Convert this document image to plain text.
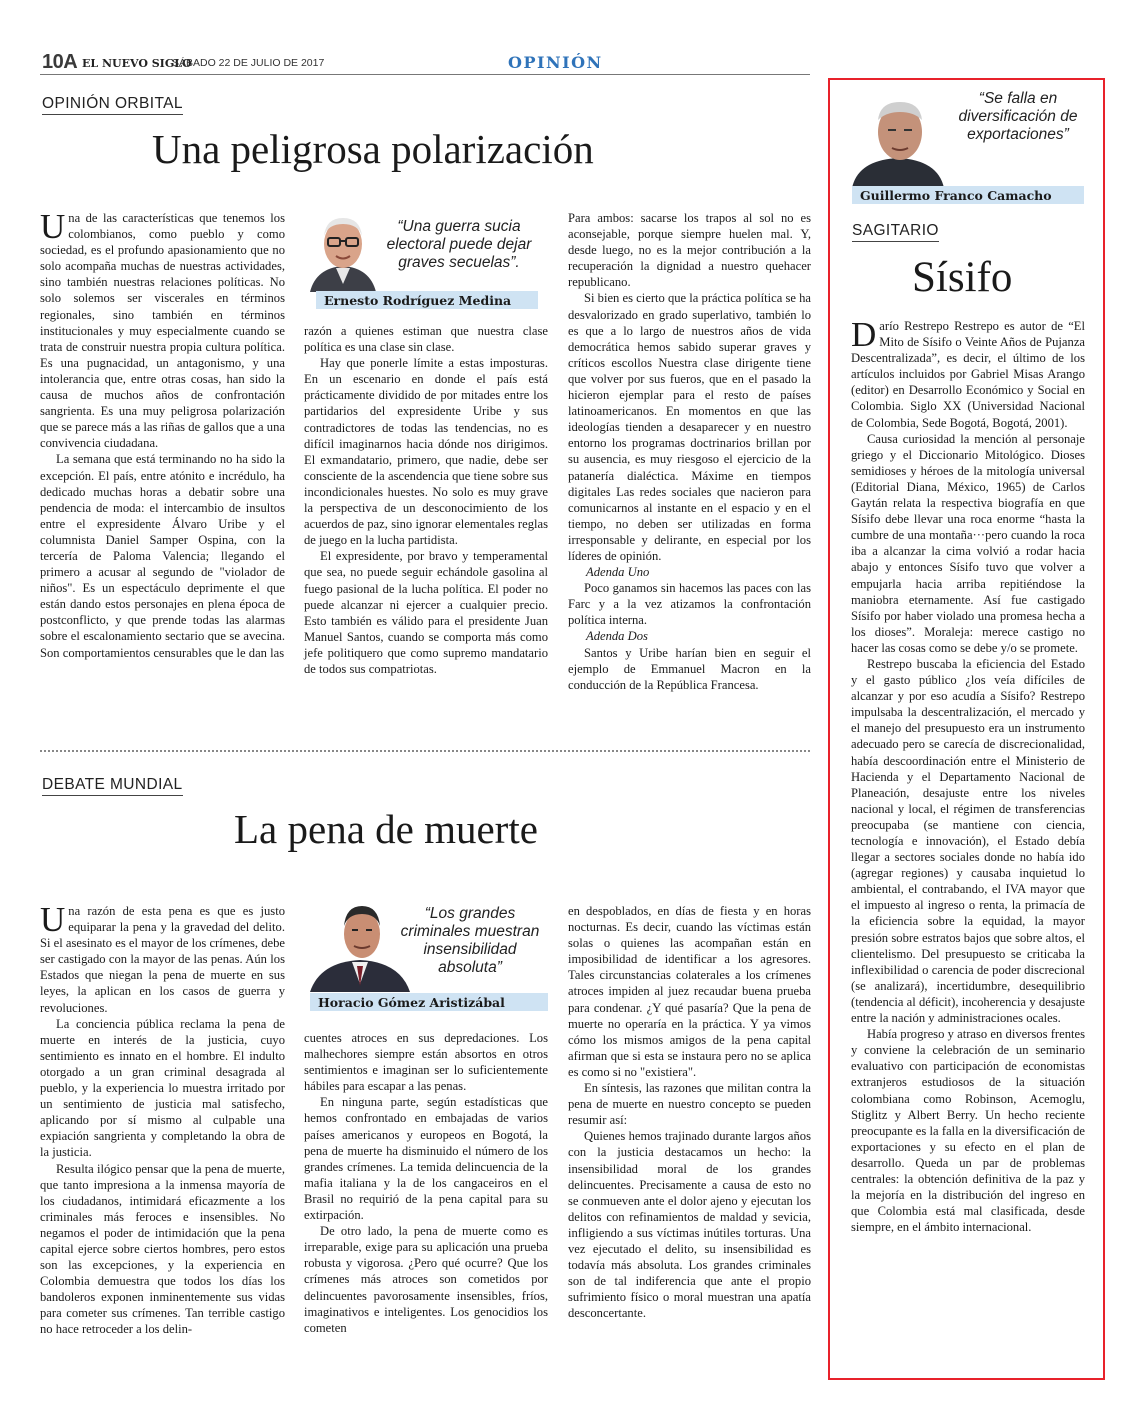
10A EL NUEVO SIGLO
SÁBADO 22 DE JULIO DE 2017	OPINIÓN
OPINIÓN ORBITAL
Una peligrosa polarización

Una de las características que tenemos los colombianos, como pueblo y como sociedad, es el profundo apasionamiento que no solo acompaña muchas de nuestras actividades, sino también nuestras relaciones políticas. No solo solemos ser viscerales en términos regionales, sino también en términos institucionales y muy especialmente cuando se trata de construir nuestra propia cultura política. Es una pugnacidad, un antagonismo, y una intolerancia que, entre otras cosas, han sido la causa de muchos años de confrontación sangrienta. Es una muy peligrosa polarización que se parece más a las riñas de gallos que a una convivencia ciudadana.

La semana que está terminando no ha sido la excepción. El país, entre atónito e incrédulo, ha dedicado muchas horas a debatir sobre una pendencia de moda: el intercambio de insultos entre el expresidente Álvaro Uribe y el columnista Daniel Samper Ospina, con la tercería de Paloma Valencia; llegando el primero a acusar al segundo de "violador de niños". Es un espectáculo deprimente el que están dando estos personajes en plena época de postconflicto, y que prende todas las alarmas sobre el escalonamiento sectario que se avecina. Son comportamientos censurables que le dan las

“Una guerra sucia electoral puede dejar graves secuelas”.
Ernesto Rodríguez Medina

razón a quienes estiman que nuestra clase política es una clase sin clase.

Hay que ponerle límite a estas imposturas. En un escenario en donde el país está prácticamente dividido de por mitades entre los partidarios del expresidente Uribe y sus contradictores de todas las tendencias, no es difícil imaginarnos hacia dónde nos dirigimos. El exmandatario, primero, que nadie, debe ser consciente de la ascendencia que tiene sobre sus incondicionales huestes. No solo es muy grave la perspectiva de un desconocimiento de los acuerdos de paz, sino ignorar elementales reglas de juego en la lucha partidista.

El expresidente, por bravo y temperamental que sea, no puede seguir echándole gasolina al fuego pasional de la lucha política. El poder no puede alcanzar ni ejercer a cualquier precio. Esto también es válido para el presidente Juan Manuel Santos, cuando se comporta más como jefe politiquero que como supremo mandatario de todos sus compatriotas.

Para ambos: sacarse los trapos al sol no es aconsejable, porque siempre huelen mal. Y, desde luego, no es la mejor contribución a la recuperación la dignidad a nuestro quehacer republicano.

Si bien es cierto que la práctica política se ha desvalorizado en grado superlativo, también lo es que a lo largo de nuestros años de vida democrática hemos sabido superar graves y críticos escollos Nuestra clase dirigente tiene que volver por sus fueros, que en el pasado la hicieron ejemplar para el resto de países latinoamericanos. En momentos en que las ideologías tienden a desaparecer y en nuestro entorno los programas doctrinarios brillan por su ausencia, es muy riesgoso el ejercicio de la patanería dialéctica. Máxime en tiempos digitales Las redes sociales que nacieron para comunicarnos al instante en el espacio y en el tiempo, no deben ser utilizadas en forma irresponsable y delirante, en especial por los líderes de opinión.

Adenda Uno

Poco ganamos sin hacemos las paces con las Farc y a la vez atizamos la confrontación política interna.

Adenda Dos

Santos y Uribe harían bien en seguir el ejemplo de Emmanuel Macron en la conducción de la República Francesa.

DEBATE MUNDIAL
La pena de muerte

Una razón de esta pena es que es justo equiparar la pena y la gravedad del delito. Si el asesinato es el mayor de los crímenes, debe ser castigado con la mayor de las penas. Aún los Estados que niegan la pena de muerte en sus leyes, la aplican en los casos de guerra y revoluciones.

La conciencia pública reclama la pena de muerte en interés de la justicia, cuyo sentimiento es innato en el hombre. El indulto otorgado a un gran criminal desagrada al pueblo, y la experiencia lo muestra irritado por un sentimiento de justicia mal satisfecho, aplicando por sí mismo al culpable una expiación sangrienta y completando la obra de la justicia.

Resulta ilógico pensar que la pena de muerte, que tanto impresiona a la inmensa mayoría de los ciudadanos, intimidará eficazmente a los criminales más feroces e insensibles. No negamos el poder de intimidación que la pena capital ejerce sobre ciertos hombres, pero estos son las excepciones, y la experiencia en Colombia demuestra que todos los días los bandoleros exponen inminentemente sus vidas para cometer sus crímenes. Tan terrible castigo no hace retroceder a los delin-

“Los grandes criminales muestran insensibilidad absoluta”
Horacio Gómez Aristizábal

cuentes atroces en sus depredaciones. Los malhechores siempre están absortos en otros sentimientos e imaginan ser lo suficientemente hábiles para escapar a las penas.

En ninguna parte, según estadísticas que hemos confrontado en embajadas de varios países americanos y europeos en Bogotá, la pena de muerte ha disminuido el número de los grandes crímenes. La temida delincuencia de la mafia italiana y la de los cangaceiros en el Brasil no requirió de la pena capital para su extirpación.

De otro lado, la pena de muerte como es irreparable, exige para su aplicación una prueba robusta y vigorosa. ¿Pero qué ocurre? Que los crímenes más atroces son cometidos por delincuentes pavorosamente insensibles, fríos, imaginativos e inteligentes. Los genocidios los cometen

en despoblados, en días de fiesta y en horas nocturnas. Es decir, cuando las víctimas están solas o quienes las acompañan están en imposibilidad de identificar a los agresores. Tales circunstancias colaterales a los crímenes atroces impiden al juez recaudar buena prueba para condenar. ¿Y qué pasaría? Que la pena de muerte no operaría en la práctica. Y ya vimos cómo los mismos amigos de la pena capital afirman que si esta se instaura pero no se aplica es como si no "existiera".

En síntesis, las razones que militan contra la pena de muerte en nuestro concepto se pueden resumir así:

Quienes hemos trajinado durante largos años con la justicia destacamos un hecho: la insensibilidad moral de los grandes delincuentes. Precisamente a causa de esto no se conmueven ante el dolor ajeno y ejecutan los delitos con refinamientos de maldad y sevicia, infligiendo a sus víctimas inútiles torturas. Una vez ejecutado el delito, su insensibilidad es todavía más absoluta. Los grandes criminales son de tal indiferencia que ante el propio sufrimiento físico o moral muestran una apatía desconcertante.

“Se falla en diversificación de exportaciones”
Guillermo Franco Camacho
SAGITARIO
Sísifo

Darío Restrepo Restrepo es autor de “El Mito de Sísifo o Veinte Años de Pujanza Descentralizada”, es decir, el último de los artículos incluidos por Gabriel Misas Arango (editor) en Desarrollo Económico y Social en Colombia. Siglo XX (Universidad Nacional de Colombia, Sede Bogotá, Bogotá, 2001).

Causa curiosidad la mención al personaje griego y el Diccionario Mitológico. Dioses semidioses y héroes de la mitología universal (Editorial Diana, México, 1965) de Carlos Gaytán relata la respectiva biografía en que Sísifo debe llevar una roca enorme “hasta la cumbre de una montaña···pero cuando la roca iba a alcanzar la cima volvió a rodar hacia abajo y entonces Sísifo tuvo que volver a empujarla hacia arriba repitiéndose la maniobra eternamente. Así fue castigado Sísifo por haber violado una promesa hecha a los dioses”. Moraleja: merece castigo no hacer las cosas como se debe y/o se promete.

Restrepo buscaba la eficiencia del Estado y el gasto público ¿los veía difíciles de alcanzar y por eso acudía a Sísifo? Restrepo impulsaba la descentralización, el mercado y el manejo del presupuesto era un instrumento adecuado pero se carecía de discrecionalidad, había descoordinación entre el Ministerio de Hacienda y el Departamento Nacional de Planeación, desajuste entre los niveles nacional y local, el régimen de transferencias preocupaba (se mantiene con ciencia, tecnología e innovación), el Estado debía llegar a sectores sociales donde no había ido (agregar regiones) y causaba inquietud lo ambiental, el contrabando, el IVA mayor que el impuesto al ingreso o renta, la primacía de la eficiencia sobre la equidad, la mayor presión sobre estratos bajos que sobre altos, el clientelismo. Del presupuesto se criticaba la inflexibilidad o carencia de poder discrecional (se analizará), incertidumbre, desequilibrio (tendencia al déficit), incoherencia y desajuste entre la nación y administraciones ocales.

Había progreso y atraso en diversos frentes y conviene la celebración de un seminario evaluativo con participación de economistas extranjeros estudiosos de la situación colombiana como Robinson, Acemoglu, Stiglitz y Albert Berry. Un hecho reciente preocupante es la falla en la diversificación de exportaciones y su efecto en el plan de desarrollo. Queda un par de problemas centrales: la obtención definitiva de la paz y la mejoría en la distribución del ingreso en que Colombia está mal clasificada, desde siempre, en el ámbito internacional.
